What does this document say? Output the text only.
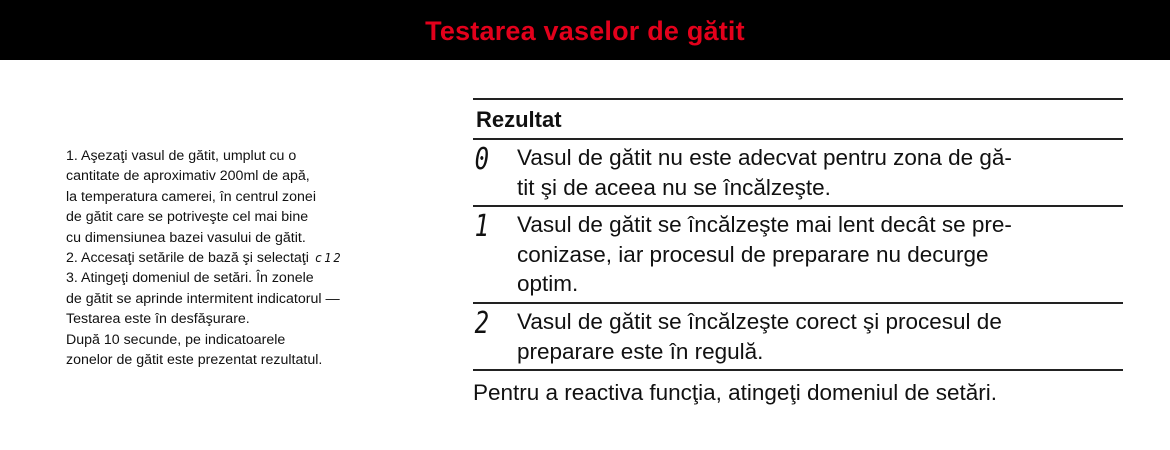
Testarea vaselor de gătit
1. Aşezaţi vasul de gătit, umplut cu o
cantitate de aproximativ 200ml de apă,
la temperatura camerei, în centrul zonei
de gătit care se potriveşte cel mai bine
cu dimensiunea bazei vasului de gătit.
2. Accesaţi setările de bază şi selectaţi c12
3. Atingeţi domeniul de setări. În zonele
de gătit se aprinde intermitent indicatorul —
Testarea este în desfăşurare.
După 10 secunde, pe indicatoarele
zonelor de gătit este prezentat rezultatul.
Rezultat
0	Vasul de gătit nu este adecvat pentru zona de gă-
tit şi de aceea nu se încălzeşte.
1	Vasul de gătit se încălzeşte mai lent decât se pre-
conizase, iar procesul de preparare nu decurge
optim.
2	Vasul de gătit se încălzeşte corect şi procesul de
preparare este în regulă.
Pentru a reactiva funcţia, atingeţi domeniul de setări.
